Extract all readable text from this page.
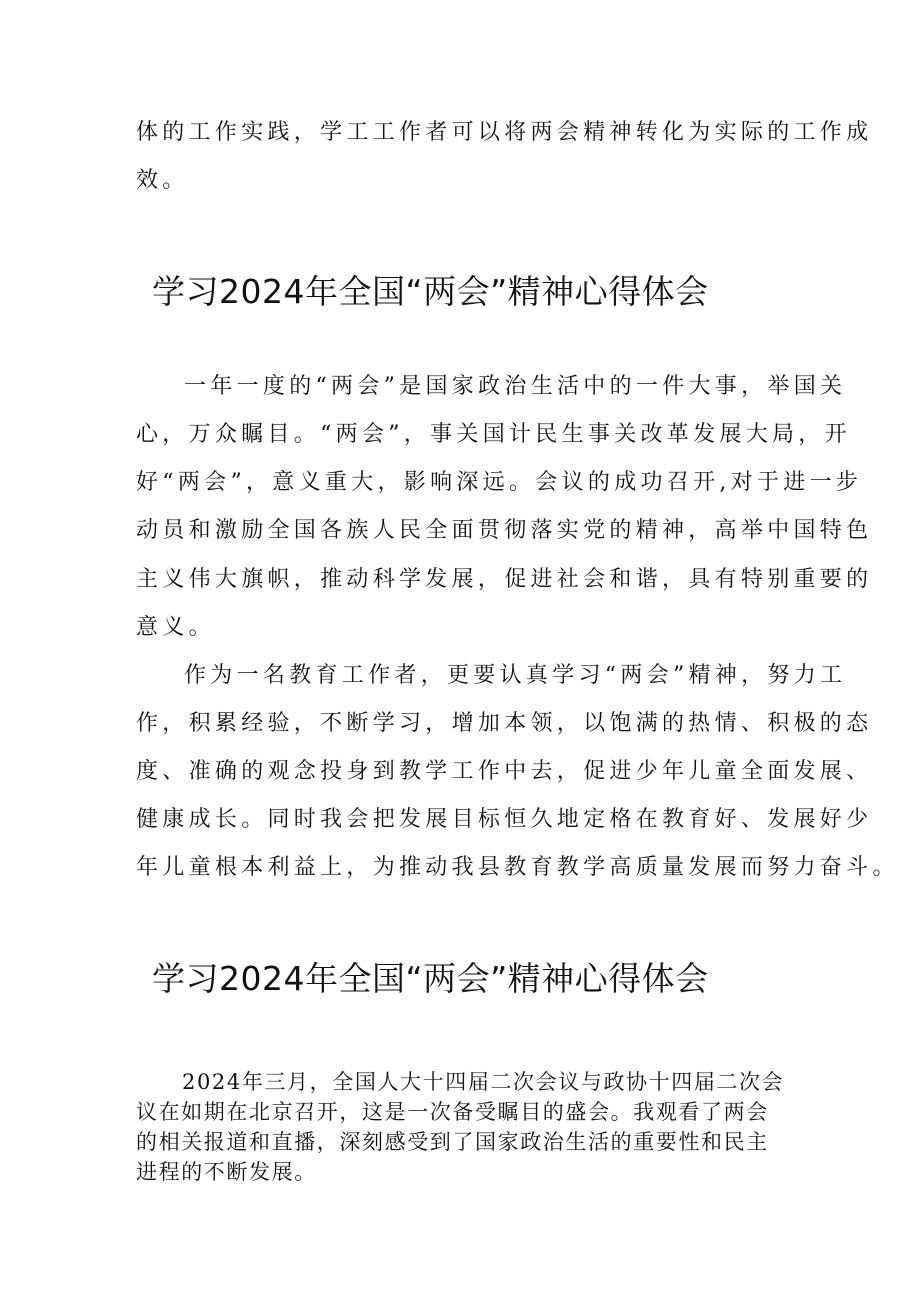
体的工作实践，学工工作者可以将两会精神转化为实际的工作成
效。
学习2024年全国“两会”精神心得体会
一年一度的“两会”是国家政治生活中的一件大事，举国关
心，万众瞩目。“两会”，事关国计民生事关改革发展大局，开
好“两会”，意义重大，影响深远。会议的成功召开,对于进一步
动员和激励全国各族人民全面贯彻落实党的精神，高举中国特色
主义伟大旗帜，推动科学发展，促进社会和谐，具有特别重要的
意义。
作为一名教育工作者，更要认真学习“两会”精神，努力工
作，积累经验，不断学习，增加本领，以饱满的热情、积极的态
度、准确的观念投身到教学工作中去，促进少年儿童全面发展、
健康成长。同时我会把发展目标恒久地定格在教育好、发展好少
年儿童根本利益上，为推动我县教育教学高质量发展而努力奋斗。
学习2024年全国“两会”精神心得体会
2024年三月，全国人大十四届二次会议与政协十四届二次会
议在如期在北京召开，这是一次备受瞩目的盛会。我观看了两会
的相关报道和直播，深刻感受到了国家政治生活的重要性和民主
进程的不断发展。
